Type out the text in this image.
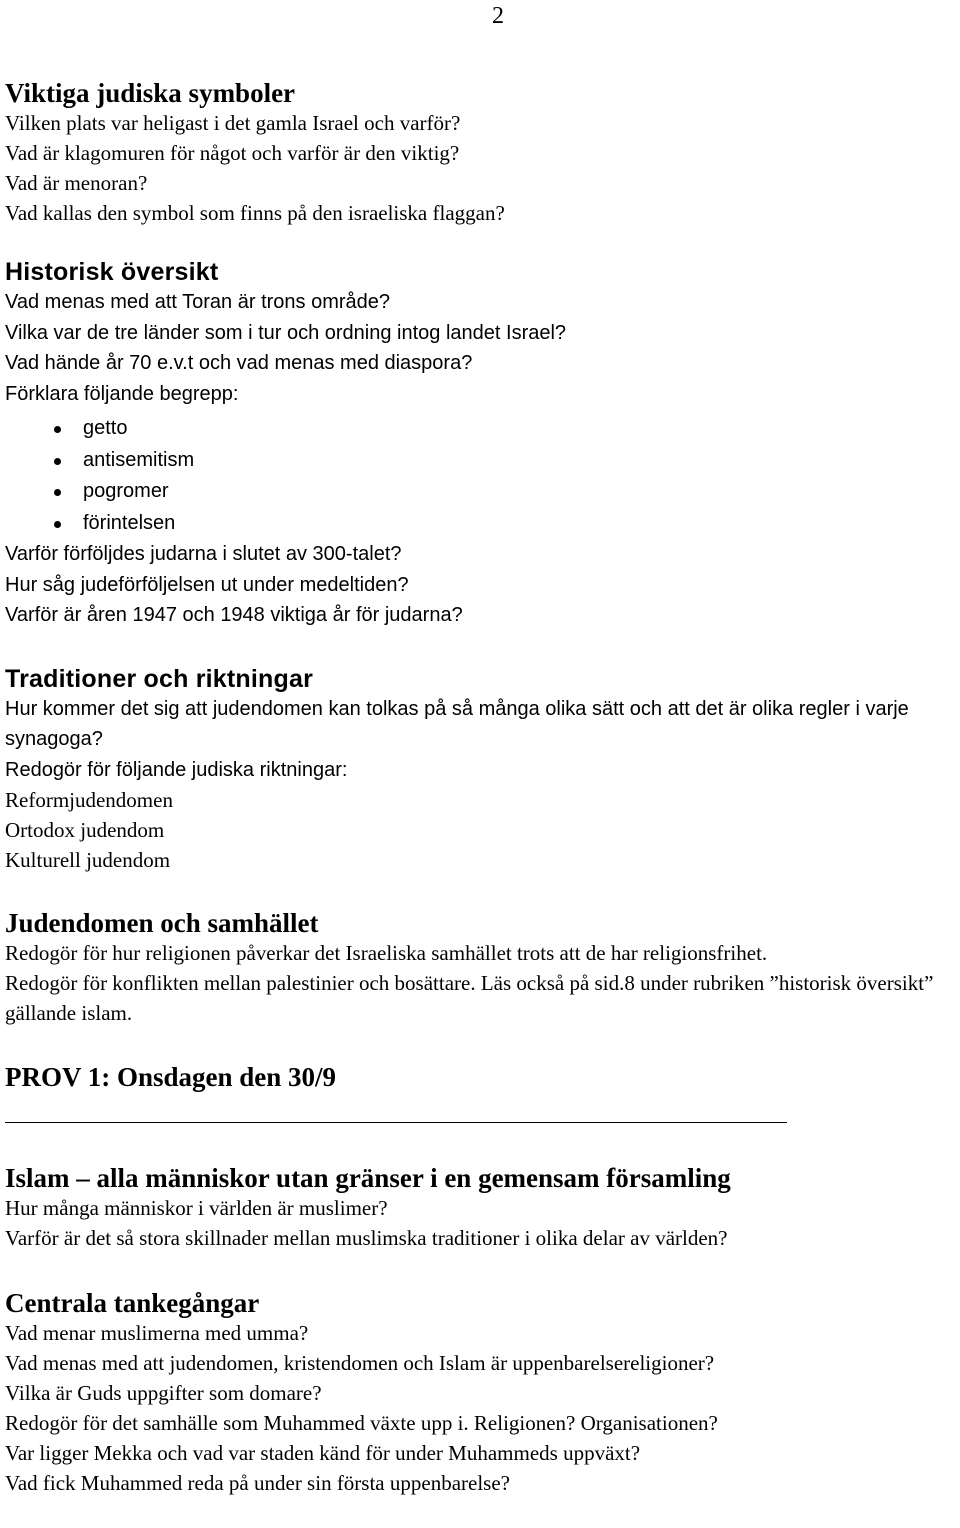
2
Viktiga judiska symboler
Vilken plats var heligast i det gamla Israel och varför?
Vad är klagomuren för något och varför är den viktig?
Vad är menoran?
Vad kallas den symbol som finns på den israeliska flaggan?
Historisk översikt
Vad menas med att Toran är trons område?
Vilka var de tre länder som i tur och ordning intog landet Israel?
Vad hände år 70 e.v.t och vad menas med diaspora?
Förklara följande begrepp:
getto
antisemitism
pogromer
förintelsen
Varför förföljdes judarna i slutet av 300-talet?
Hur såg judeförföljelsen ut under medeltiden?
Varför är åren 1947 och 1948 viktiga år för judarna?
Traditioner och riktningar
Hur kommer det sig att judendomen kan tolkas på så många olika sätt och att det är olika regler i varje synagoga?
Redogör för följande judiska riktningar:
Reformjudendomen
Ortodox judendom
Kulturell judendom
Judendomen och samhället
Redogör för hur religionen påverkar det Israeliska samhället trots att de har religionsfrihet.
Redogör för konflikten mellan palestinier och bosättare. Läs också på sid.8 under rubriken ”historisk översikt” gällande islam.
PROV 1: Onsdagen den 30/9
Islam – alla människor utan gränser i en gemensam församling
Hur många människor i världen är muslimer?
Varför är det så stora skillnader mellan muslimska traditioner i olika delar av världen?
Centrala tankegångar
Vad menar muslimerna med umma?
Vad menas med att judendomen, kristendomen och Islam är uppenbarelsereligioner?
Vilka är Guds uppgifter som domare?
Redogör för det samhälle som Muhammed växte upp i. Religionen? Organisationen?
Var ligger Mekka och vad var staden känd för under Muhammeds uppväxt?
Vad fick Muhammed reda på under sin första uppenbarelse?
